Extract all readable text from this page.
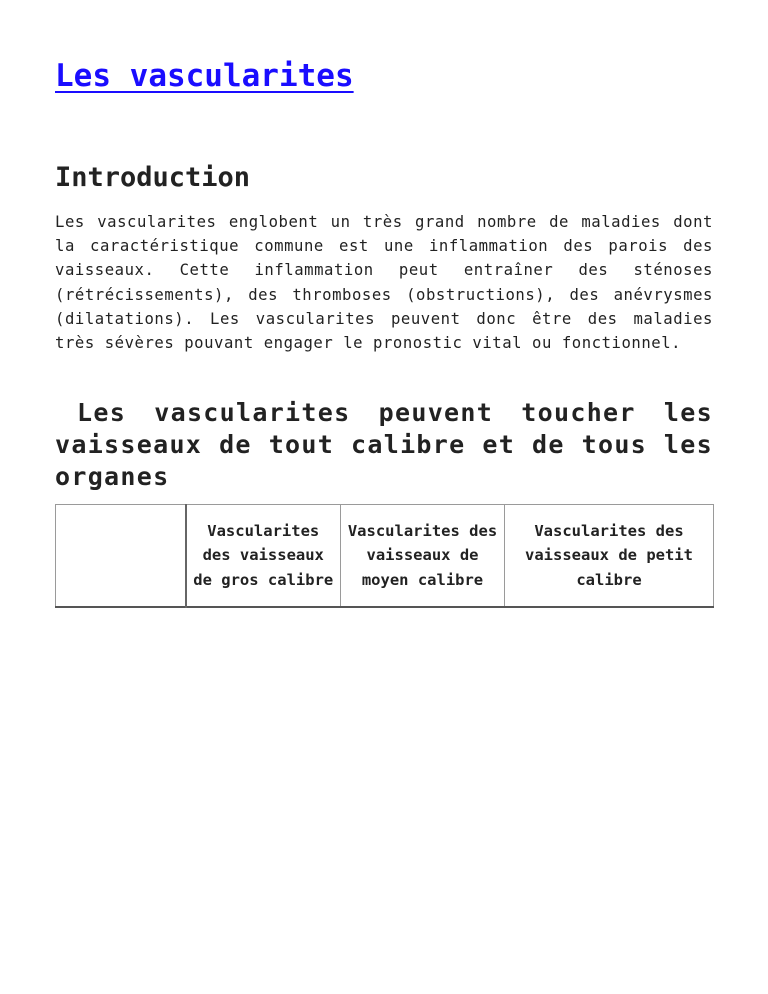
Les vascularites
Introduction

Les vascularites englobent un très grand nombre de maladies dont la caractéristique commune est une inflammation des parois des vaisseaux. Cette inflammation peut entraîner des sténoses (rétrécissements), des thromboses (obstructions), des anévrysmes (dilatations). Les vascularites peuvent donc être des maladies très sévères pouvant engager le pronostic vital ou fonctionnel.

Les vascularites peuvent toucher les vaisseaux de tout calibre et de tous les organes
	Vascularites des vaisseaux de gros calibre	Vascularites des vaisseaux de moyen calibre	Vascularites des vaisseaux de petit calibre
